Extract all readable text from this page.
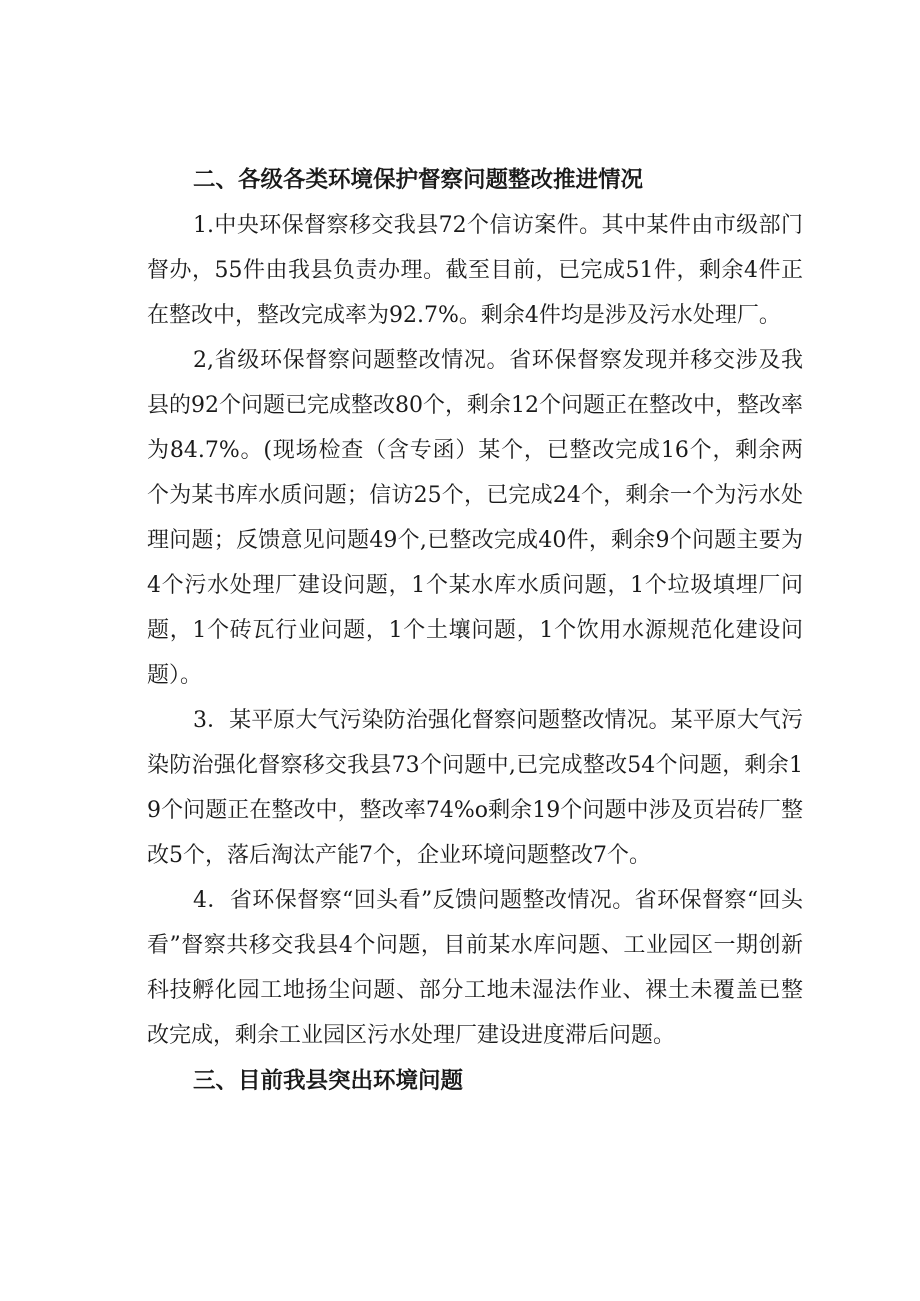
二、各级各类环境保护督察问题整改推进情况

1.中央环保督察移交我县72个信访案件。其中某件由市级部门督办，55件由我县负责办理。截至目前，已完成51件，剩余4件正在整改中，整改完成率为92.7%。剩余4件均是涉及污水处理厂。

2,省级环保督察问题整改情况。省环保督察发现并移交涉及我县的92个问题已完成整改80个，剩余12个问题正在整改中，整改率为84.7%。(现场检查（含专函）某个，已整改完成16个，剩余两个为某书库水质问题；信访25个，已完成24个，剩余一个为污水处理问题；反馈意见问题49个,已整改完成40件，剩余9个问题主要为4个污水处理厂建设问题，1个某水库水质问题，1个垃圾填埋厂问题，1个砖瓦行业问题，1个土壤问题，1个饮用水源规范化建设问题）。

3．某平原大气污染防治强化督察问题整改情况。某平原大气污染防治强化督察移交我县73个问题中,已完成整改54个问题，剩余19个问题正在整改中，整改率74%o剩余19个问题中涉及页岩砖厂整改5个，落后淘汰产能7个，企业环境问题整改7个。

4．省环保督察“回头看”反馈问题整改情况。省环保督察“回头看”督察共移交我县4个问题，目前某水库问题、工业园区一期创新科技孵化园工地扬尘问题、部分工地未湿法作业、裸土未覆盖已整改完成，剩余工业园区污水处理厂建设进度滞后问题。

三、目前我县突出环境问题
